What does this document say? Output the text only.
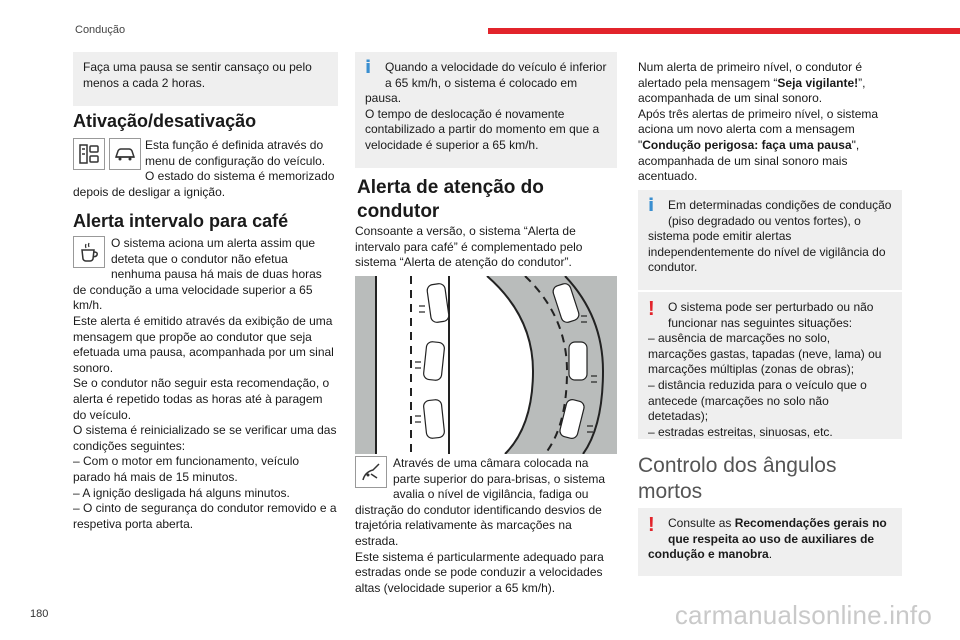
Condução
180	carmanualsonline.info
Faça uma pausa se sentir cansaço ou pelo menos a cada 2 horas.
Ativação/desativação

Esta função é definida através do menu de configuração do veículo.

O estado do sistema é memorizado depois de desligar a ignição.

Alerta intervalo para café

O sistema aciona um alerta assim que deteta que o condutor não efetua nenhuma pausa há mais de duas horas de condução a uma velocidade superior a 65 km/h.

Este alerta é emitido através da exibição de uma mensagem que propõe ao condutor que seja efetuada uma pausa, acompanhada por um sinal sonoro.

Se o condutor não seguir esta recomendação, o alerta é repetido todas as horas até à paragem do veículo.

O sistema é reinicializado se se verificar uma das condições seguintes:

– Com o motor em funcionamento, veículo parado há mais de 15 minutos.

– A ignição desligada há alguns minutos.

– O cinto de segurança do condutor removido e a respetiva porta aberta.

i	Quando a velocidade do veículo é inferior a 65 km/h, o sistema é colocado em pausa.

O tempo de deslocação é novamente contabilizado a partir do momento em que a velocidade é superior a 65 km/h.

Alerta de atenção do condutor

Consoante a versão, o sistema “Alerta de intervalo para café” é complementado pelo sistema “Alerta de atenção do condutor”.

Através de uma câmara colocada na parte superior do para-brisas, o sistema avalia o nível de vigilância, fadiga ou distração do condutor identificando desvios de trajetória relativamente às marcações na estrada.

Este sistema é particularmente adequado para estradas onde se pode conduzir a velocidades altas (velocidade superior a 65 km/h).

Num alerta de primeiro nível, o condutor é alertado pela mensagem “Seja vigilante!”, acompanhada de um sinal sonoro.

Após três alertas de primeiro nível, o sistema aciona um novo alerta com a mensagem "Condução perigosa: faça uma pausa", acompanhada de um sinal sonoro mais acentuado.

i	Em determinadas condições de condução (piso degradado ou ventos fortes), o sistema pode emitir alertas independentemente do nível de vigilância do condutor.

!	O sistema pode ser perturbado ou não funcionar nas seguintes situações:

– ausência de marcações no solo, marcações gastas, tapadas (neve, lama) ou marcações múltiplas (zonas de obras);

– distância reduzida para o veículo que o antecede (marcações no solo não detetadas);

– estradas estreitas, sinuosas, etc.

Controlo dos ângulos mortos
!	Consulte as Recomendações gerais no que respeita ao uso de auxiliares de condução e manobra.
